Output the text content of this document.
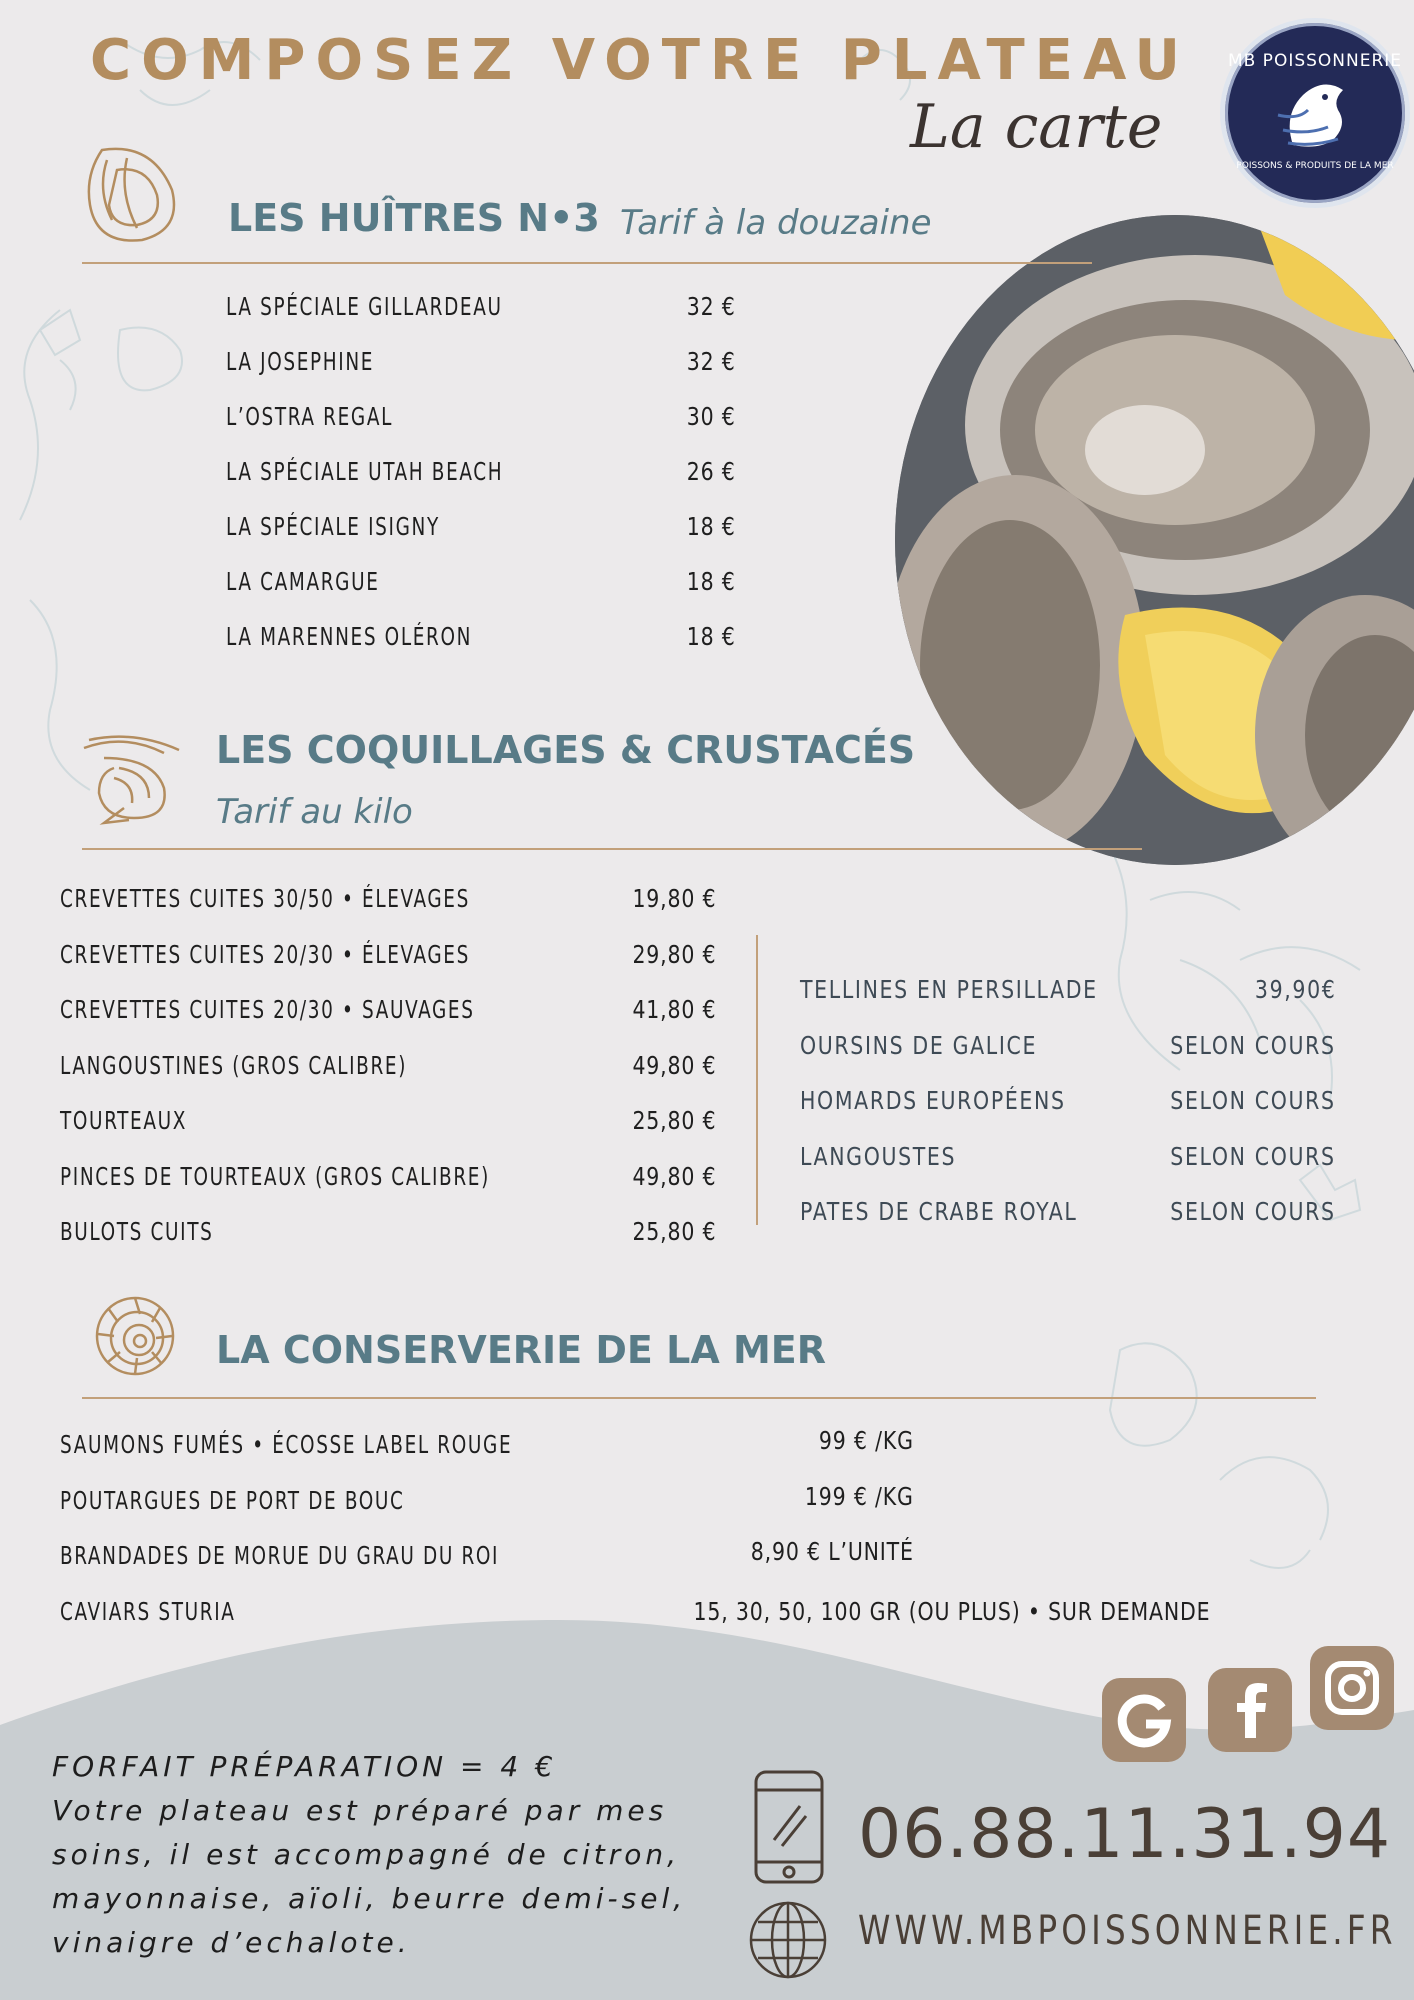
COMPOSEZ VOTRE PLATEAU
La carte
MB POISSONNERIE
POISSONS & PRODUITS DE LA MER
LES HUÎTRES N•3 Tarif à la douzaine
LA SPÉCIALE GILLARDEAU	32 €
LA JOSEPHINE	32 €
L’OSTRA REGAL	30 €
LA SPÉCIALE UTAH BEACH	26 €
LA SPÉCIALE ISIGNY	18 €
LA CAMARGUE	18 €
LA MARENNES OLÉRON	18 €
LES COQUILLAGES & CRUSTACÉS
Tarif au kilo
CREVETTES CUITES 30/50 • ÉLEVAGES	19,80 €
CREVETTES CUITES 20/30 • ÉLEVAGES	29,80 €
CREVETTES CUITES 20/30 • SAUVAGES	41,80 €
LANGOUSTINES (GROS CALIBRE)	49,80 €
TOURTEAUX	25,80 €
PINCES DE TOURTEAUX (GROS CALIBRE)	49,80 €
BULOTS CUITS	25,80 €
TELLINES EN PERSILLADE	39,90€
OURSINS DE GALICE	SELON COURS
HOMARDS EUROPÉENS	SELON COURS
LANGOUSTES	SELON COURS
PATES DE CRABE ROYAL	SELON COURS
LA CONSERVERIE DE LA MER
SAUMONS FUMÉS • ÉCOSSE LABEL ROUGE	99 € /KG
POUTARGUES DE PORT DE BOUC	199 € /KG
BRANDADES DE MORUE DU GRAU DU ROI	8,90 € L’UNITÉ
CAVIARS STURIA	15, 30, 50, 100 GR (OU PLUS) • SUR DEMANDE
FORFAIT PRÉPARATION = 4 €
Votre plateau est préparé par mes soins, il est accompagné de citron, mayonnaise, aïoli, beurre demi-sel, vinaigre d’echalote.
06.88.11.31.94
WWW.MBPOISSONNERIE.FR
